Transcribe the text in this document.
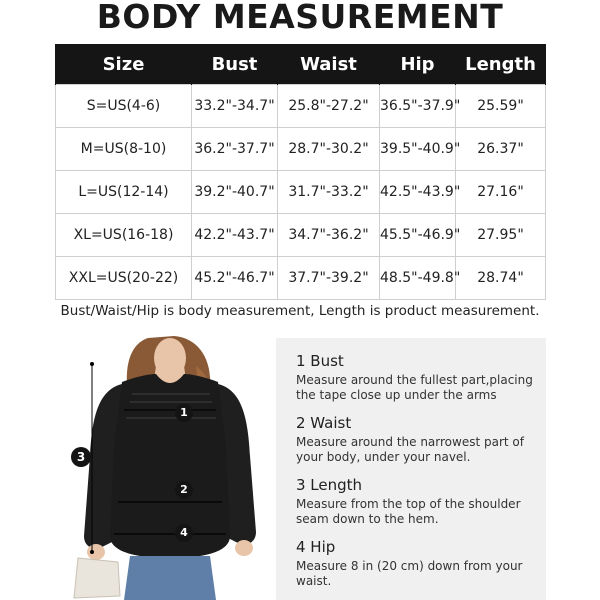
BODY MEASUREMENT
Size	Bust	Waist	Hip	Length
S=US(4-6)	33.2"-34.7"	25.8"-27.2"	36.5"-37.9"	25.59"
M=US(8-10)	36.2"-37.7"	28.7"-30.2"	39.5"-40.9"	26.37"
L=US(12-14)	39.2"-40.7"	31.7"-33.2"	42.5"-43.9"	27.16"
XL=US(16-18)	42.2"-43.7"	34.7"-36.2"	45.5"-46.9"	27.95"
XXL=US(20-22)	45.2"-46.7"	37.7"-39.2"	48.5"-49.8"	28.74"
Bust/Waist/Hip is body measurement, Length is product measurement.
1
2
4
3
1 Bust
Measure around the fullest part,placing the tape close up under the arms
2 Waist
Measure around the narrowest part of your body, under your navel.
3 Length
Measure from the top of the shoulder seam down to the hem.
4 Hip
Measure 8 in (20 cm) down from your waist.
